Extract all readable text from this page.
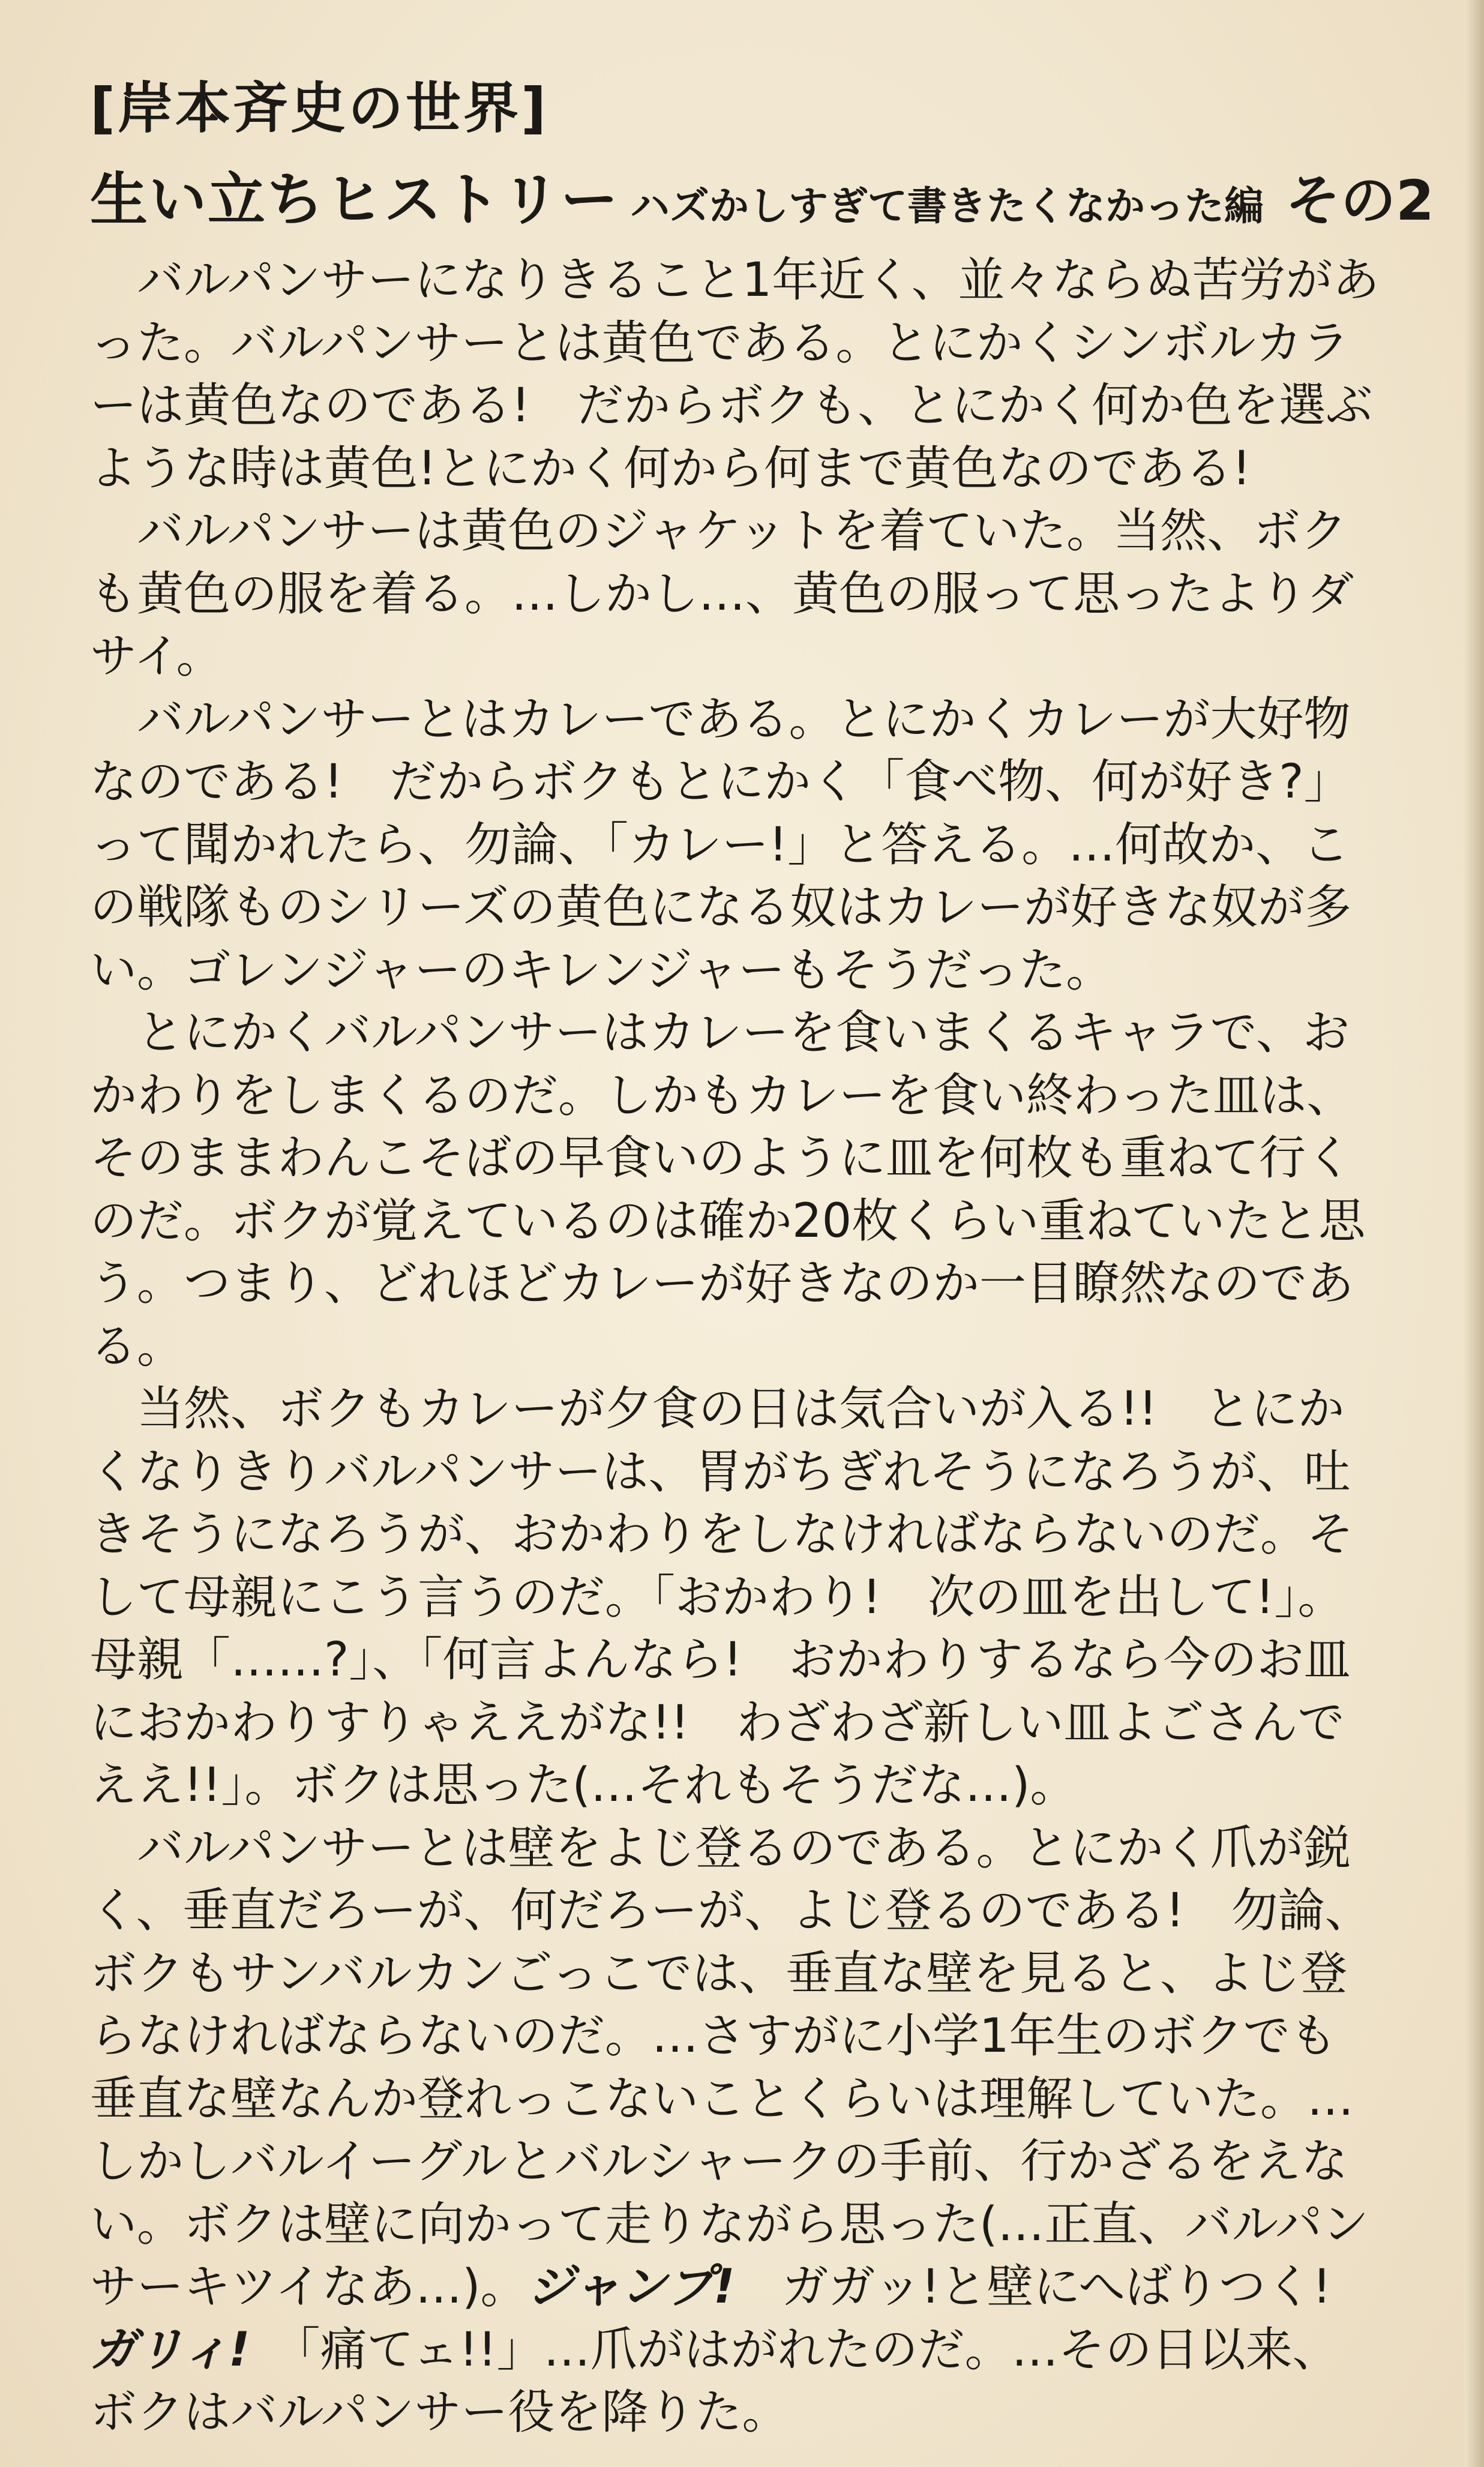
[岸本斉史の世界]
生い立ちヒストリー ハズかしすぎて書きたくなかった編 その2

バルパンサーになりきること1年近く、並々ならぬ苦労があった。バルパンサーとは黄色である。とにかくシンボルカラーは黄色なのである!　だからボクも、とにかく何か色を選ぶような時は黄色!とにかく何から何まで黄色なのである!

バルパンサーは黄色のジャケットを着ていた。当然、ボクも黄色の服を着る。…しかし…、黄色の服って思ったよりダサイ。

バルパンサーとはカレーである。とにかくカレーが大好物なのである!　だからボクもとにかく「食べ物、何が好き?」って聞かれたら、勿論、「カレー!」と答える。…何故か、この戦隊ものシリーズの黄色になる奴はカレーが好きな奴が多い。ゴレンジャーのキレンジャーもそうだった。

とにかくバルパンサーはカレーを食いまくるキャラで、おかわりをしまくるのだ。しかもカレーを食い終わった皿は、そのままわんこそばの早食いのように皿を何枚も重ねて行くのだ。ボクが覚えているのは確か20枚くらい重ねていたと思う。つまり、どれほどカレーが好きなのか一目瞭然なのである。

当然、ボクもカレーが夕食の日は気合いが入る!!　とにかくなりきりバルパンサーは、胃がちぎれそうになろうが、吐きそうになろうが、おかわりをしなければならないのだ。そして母親にこう言うのだ。「おかわり!　次の皿を出して!」。母親「……?」、「何言よんなら!　おかわりするなら今のお皿におかわりすりゃええがな!!　わざわざ新しい皿よごさんでええ!!」。ボクは思った(…それもそうだな…)。

バルパンサーとは壁をよじ登るのである。とにかく爪が鋭く、垂直だろーが、何だろーが、よじ登るのである!　勿論、ボクもサンバルカンごっこでは、垂直な壁を見ると、よじ登らなければならないのだ。…さすがに小学1年生のボクでも垂直な壁なんか登れっこないことくらいは理解していた。…しかしバルイーグルとバルシャークの手前、行かざるをえない。ボクは壁に向かって走りながら思った(…正直、バルパンサーキツイなあ…)。ジャンプ!　ガガッ!と壁にへばりつく!　ガリィ!　「痛てェ!!」…爪がはがれたのだ。…その日以来、ボクはバルパンサー役を降りた。
